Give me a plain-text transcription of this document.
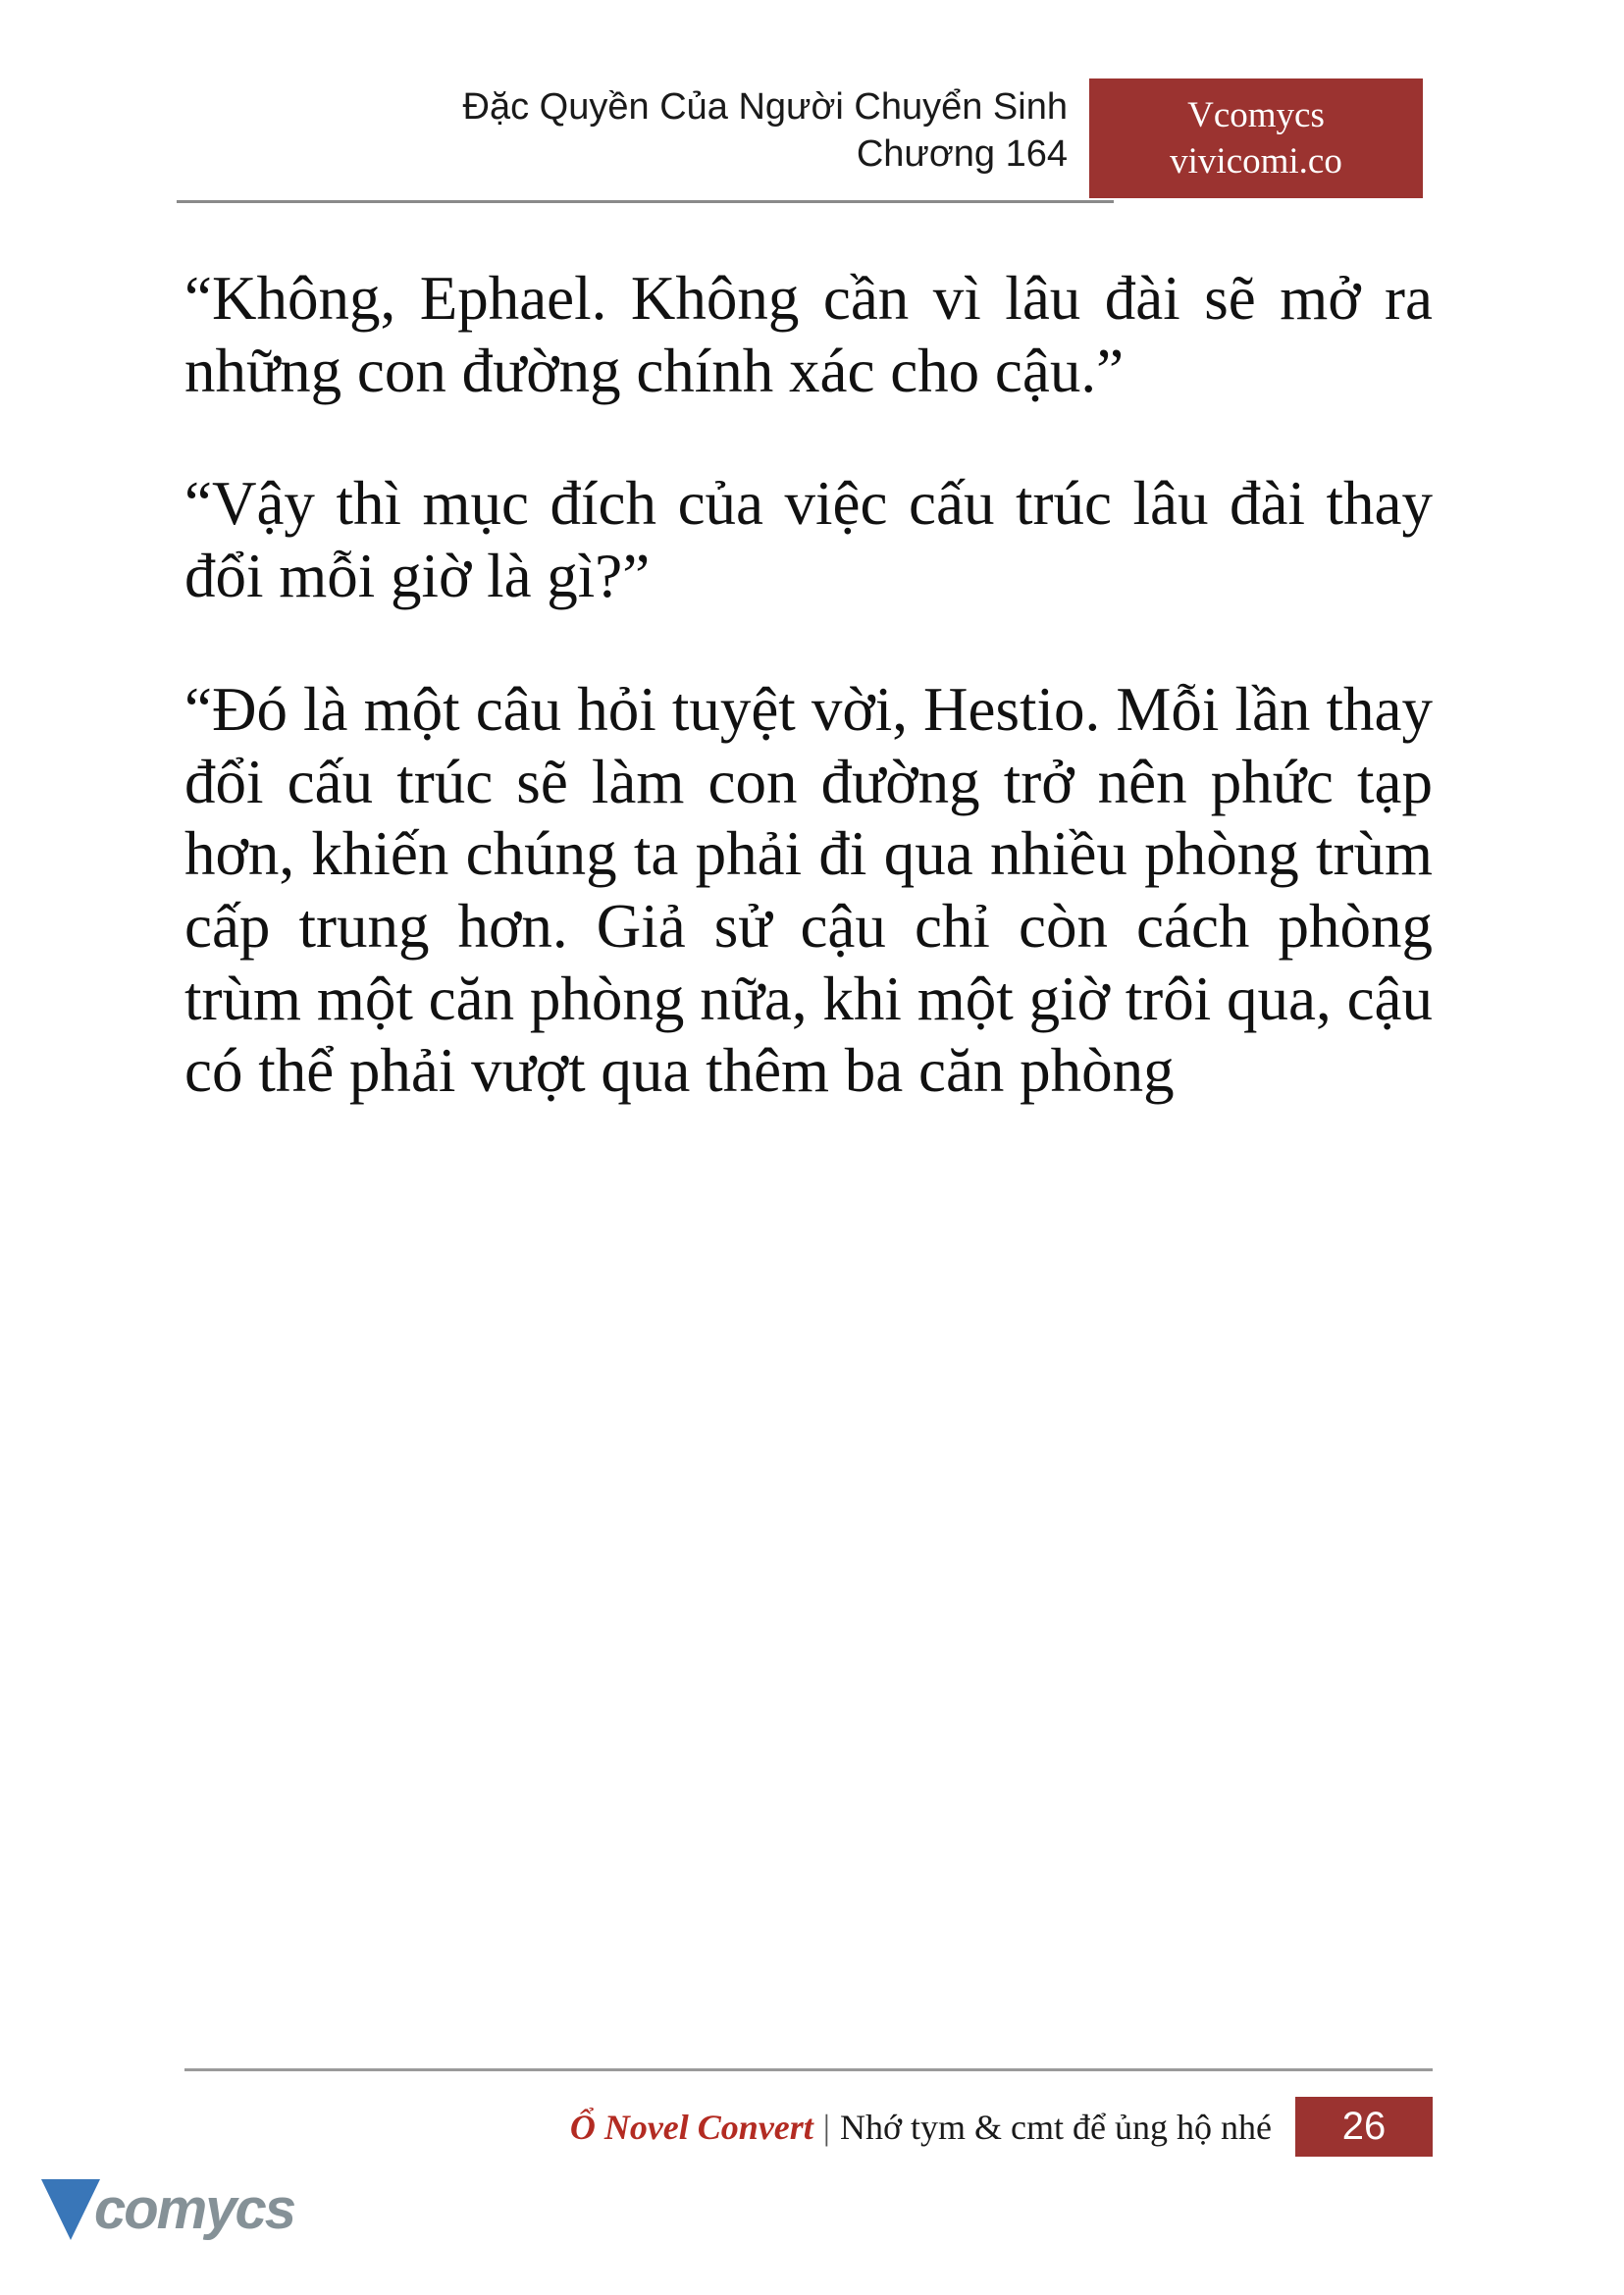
Đặc Quyền Của Người Chuyển Sinh
Chương 164
Vcomycs
vivicomi.co

“Không, Ephael. Không cần vì lâu đài sẽ mở ra những con đường chính xác cho cậu.”

“Vậy thì mục đích của việc cấu trúc lâu đài thay đổi mỗi giờ là gì?”

“Đó là một câu hỏi tuyệt vời, Hestio. Mỗi lần thay đổi cấu trúc sẽ làm con đường trở nên phức tạp hơn, khiến chúng ta phải đi qua nhiều phòng trùm cấp trung hơn. Giả sử cậu chỉ còn cách phòng trùm một căn phòng nữa, khi một giờ trôi qua, cậu có thể phải vượt qua thêm ba căn phòng

Ổ Novel Convert | Nhớ tym & cmt để ủng hộ nhé	26
comycs
